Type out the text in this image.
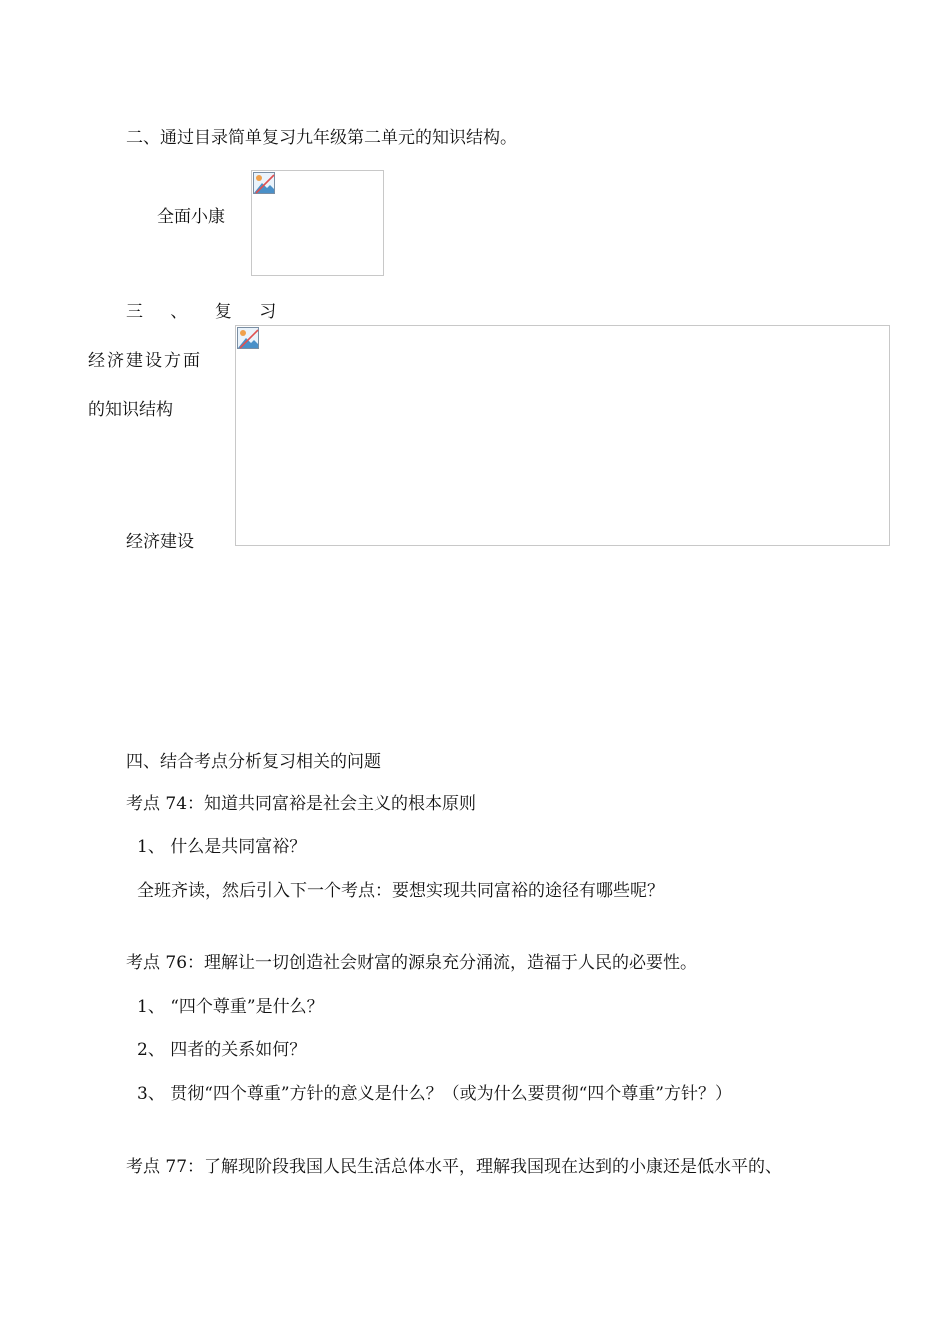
二、通过目录简单复习九年级第二单元的知识结构。
全面小康
三 、 复 习
经济建设方面
的知识结构
经济建设
四、结合考点分析复习相关的问题
考点 74：知道共同富裕是社会主义的根本原则
1、 什么是共同富裕？
全班齐读，然后引入下一个考点：要想实现共同富裕的途径有哪些呢？
考点 76：理解让一切创造社会财富的源泉充分涌流，造福于人民的必要性。
1、 “四个尊重”是什么？
2、 四者的关系如何？
3、 贯彻“四个尊重”方针的意义是什么？（或为什么要贯彻“四个尊重”方针？）
考点 77：了解现阶段我国人民生活总体水平，理解我国现在达到的小康还是低水平的、
